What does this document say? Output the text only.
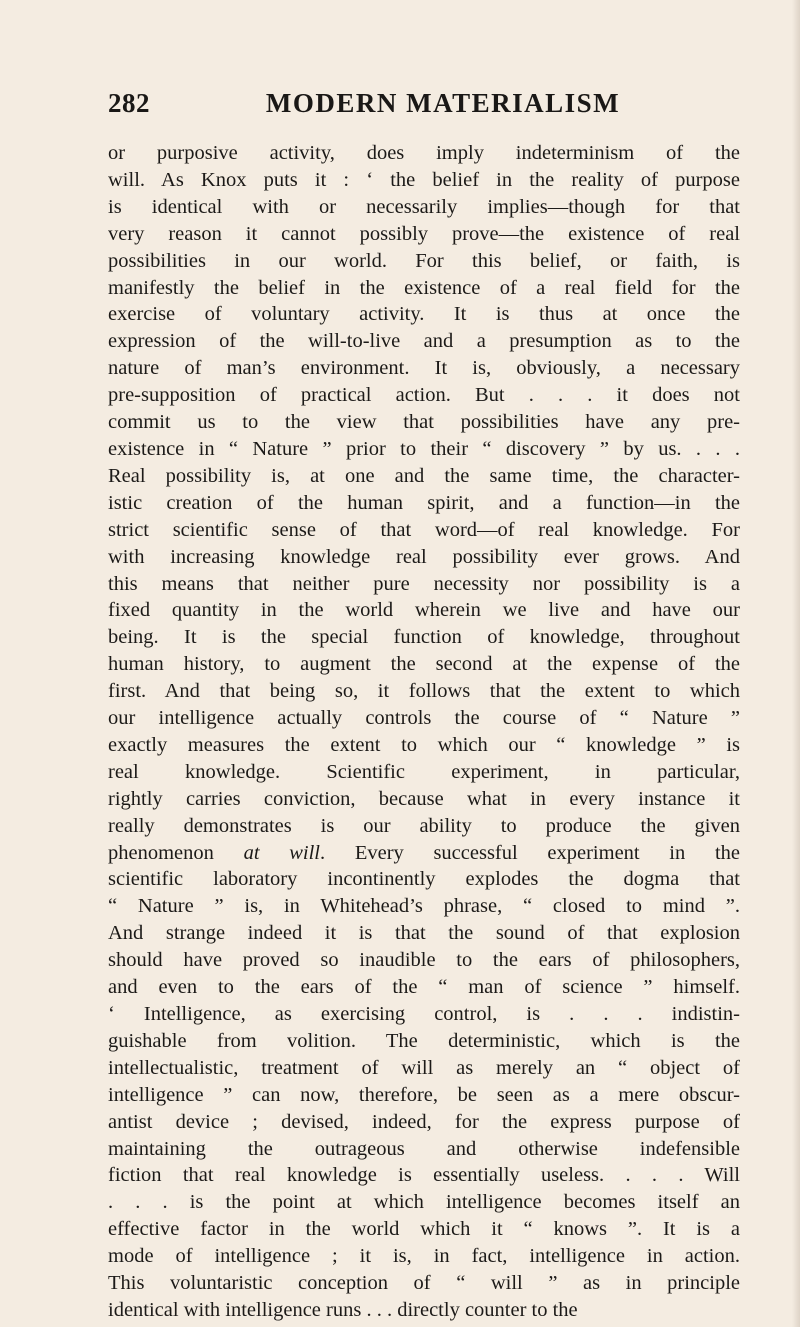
282	MODERN MATERIALISM
or purposive activity, does imply indeterminism of the
will. As Knox puts it : ‘ the belief in the reality of purpose
is identical with or necessarily implies—though for that
very reason it cannot possibly prove—the existence of real
possibilities in our world. For this belief, or faith, is
manifestly the belief in the existence of a real field for the
exercise of voluntary activity. It is thus at once the
expression of the will-to-live and a presumption as to the
nature of man’s environment. It is, obviously, a necessary
pre-supposition of practical action. But . . . it does not
commit us to the view that possibilities have any pre-
existence in “ Nature ” prior to their “ discovery ” by us. . . .
Real possibility is, at one and the same time, the character-
istic creation of the human spirit, and a function—in the
strict scientific sense of that word—of real knowledge. For
with increasing knowledge real possibility ever grows. And
this means that neither pure necessity nor possibility is a
fixed quantity in the world wherein we live and have our
being. It is the special function of knowledge, throughout
human history, to augment the second at the expense of the
first. And that being so, it follows that the extent to which
our intelligence actually controls the course of “ Nature ”
exactly measures the extent to which our “ knowledge ” is
real knowledge. Scientific experiment, in particular,
rightly carries conviction, because what in every instance it
really demonstrates is our ability to produce the given
phenomenon at will. Every successful experiment in the
scientific laboratory incontinently explodes the dogma that
“ Nature ” is, in Whitehead’s phrase, “ closed to mind ”.
And strange indeed it is that the sound of that explosion
should have proved so inaudible to the ears of philosophers,
and even to the ears of the “ man of science ” himself.
‘ Intelligence, as exercising control, is . . . indistin-
guishable from volition. The deterministic, which is the
intellectualistic, treatment of will as merely an “ object of
intelligence ” can now, therefore, be seen as a mere obscur-
antist device ; devised, indeed, for the express purpose of
maintaining the outrageous and otherwise indefensible
fiction that real knowledge is essentially useless. . . . Will
. . . is the point at which intelligence becomes itself an
effective factor in the world which it “ knows ”. It is a
mode of intelligence ; it is, in fact, intelligence in action.
This voluntaristic conception of “ will ” as in principle
identical with intelligence runs . . . directly counter to the
